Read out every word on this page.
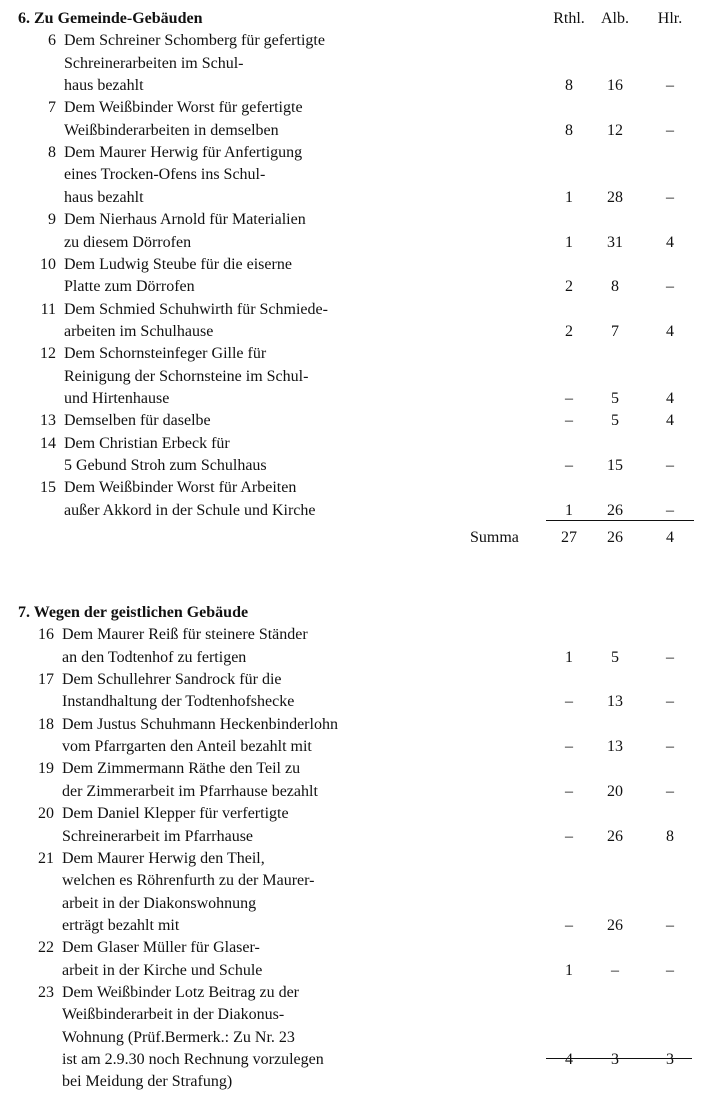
6. Zu Gemeinde-Gebäuden	Rthl.	Alb.	Hlr.
6 Dem Schreiner Schomberg für gefertigte
Schreinerarbeiten im Schul-
haus bezahlt	8	16	–
7 Dem Weißbinder Worst für gefertigte
Weißbinderarbeiten in demselben	8	12	–
8 Dem Maurer Herwig für Anfertigung
eines Trocken-Ofens ins Schul-
haus bezahlt	1	28	–
9 Dem Nierhaus Arnold für Materialien
zu diesem Dörrofen	1	31	4
10 Dem Ludwig Steube für die eiserne
Platte zum Dörrofen	2	8	–
11 Dem Schmied Schuhwirth für Schmiede-
arbeiten im Schulhause	2	7	4
12 Dem Schornsteinfeger Gille für
Reinigung der Schornsteine im Schul-
und Hirtenhause	–	5	4
13 Demselben für daselbe	–	5	4
14 Dem Christian Erbeck für
5 Gebund Stroh zum Schulhaus	–	15	–
15 Dem Weißbinder Worst für Arbeiten
außer Akkord in der Schule und Kirche	1	26	–
Summa	27	26	4
7. Wegen der geistlichen Gebäude
16 Dem Maurer Reiß für steinere Ständer
an den Todtenhof zu fertigen	1	5	–
17 Dem Schullehrer Sandrock für die
Instandhaltung der Todtenhofshecke	–	13	–
18 Dem Justus Schuhmann Heckenbinderlohn
vom Pfarrgarten den Anteil bezahlt mit	–	13	–
19 Dem Zimmermann Räthe den Teil zu
der Zimmerarbeit im Pfarrhause bezahlt	–	20	–
20 Dem Daniel Klepper für verfertigte
Schreinerarbeit im Pfarrhause	–	26	8
21 Dem Maurer Herwig den Theil,
welchen es Röhrenfurth zu der Maurer-
arbeit in der Diakonswohnung
erträgt bezahlt mit	–	26	–
22 Dem Glaser Müller für Glaser-
arbeit in der Kirche und Schule	1	–	–
23 Dem Weißbinder Lotz Beitrag zu der
Weißbinderarbeit in der Diakonus-
Wohnung (Prüf.Bermerk.: Zu Nr. 23
ist am 2.9.30 noch Rechnung vorzulegen	4	3	3
bei Meidung der Strafung)
